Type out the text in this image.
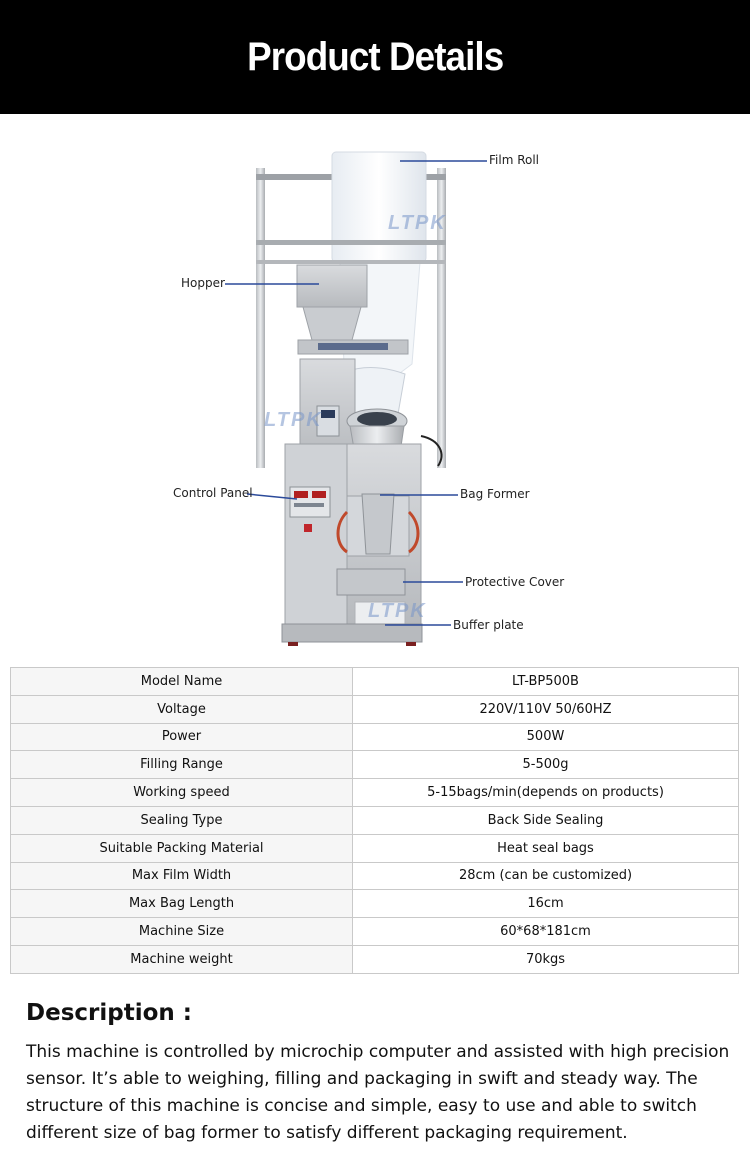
Product Details
LTPK
LTPK
LTPK
Film Roll
Hopper
Control Panel	Bag Former
Protective Cover
Buffer plate
Model Name	LT-BP500B
Voltage	220V/110V 50/60HZ
Power	500W
Filling Range	5-500g
Working speed	5-15bags/min(depends on products)
Sealing Type	Back Side Sealing
Suitable Packing Material	Heat seal bags
Max Film Width	28cm (can be customized)
Max Bag Length	16cm
Machine Size	60*68*181cm
Machine weight	70kgs
Description :

This machine is controlled by microchip computer and assisted with high precision sensor. It’s able to weighing, filling and packaging in swift and steady way. The structure of this machine is concise and simple, easy to use and able to switch different size of bag former to satisfy different packaging requirement.
